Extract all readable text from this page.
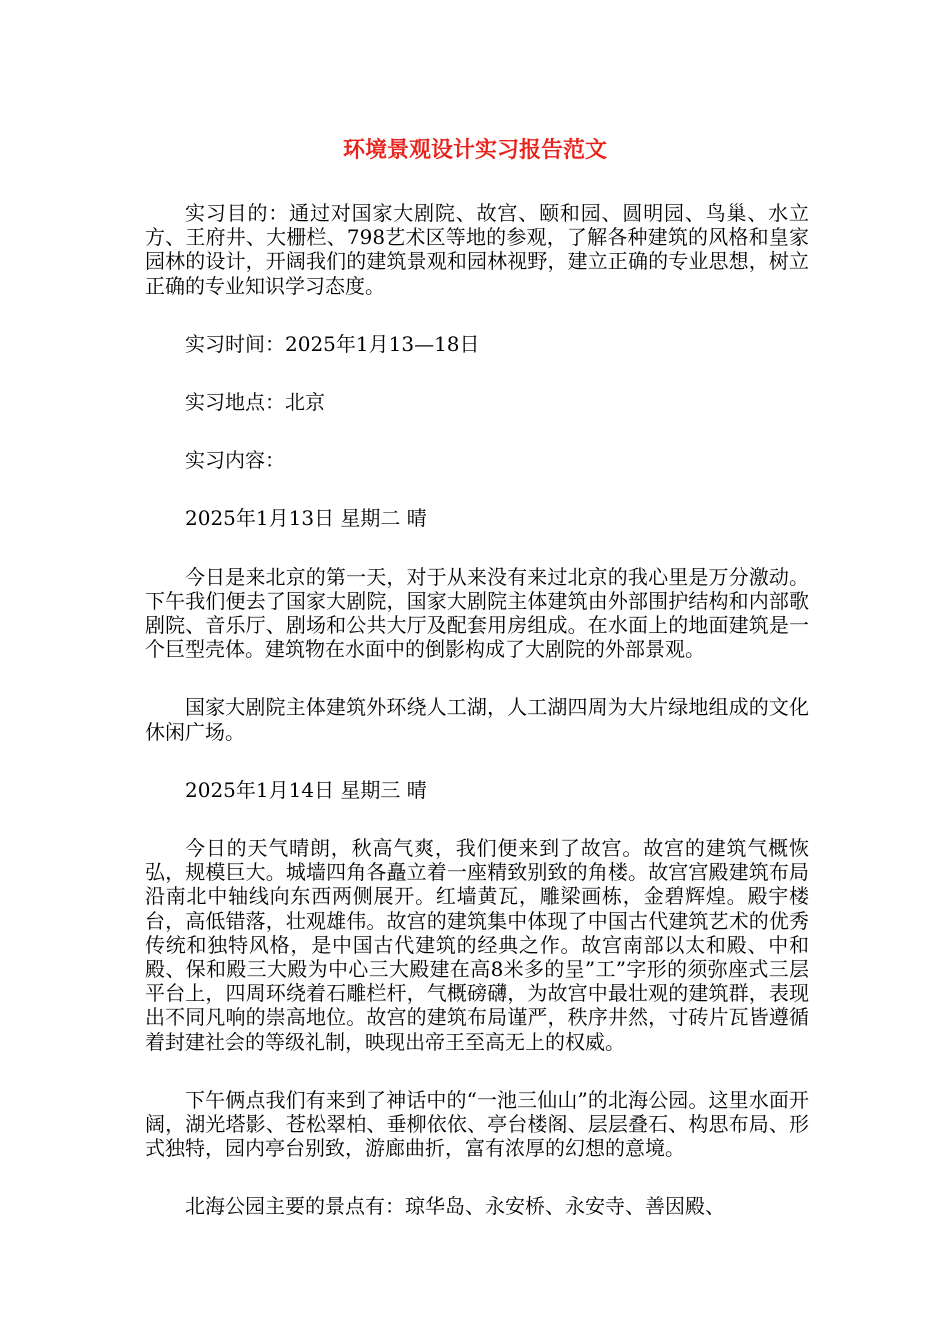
环境景观设计实习报告范文

实习目的：通过对国家大剧院、故宫、颐和园、圆明园、鸟巢、水立方、王府井、大栅栏、798艺术区等地的参观，了解各种建筑的风格和皇家园林的设计，开阔我们的建筑景观和园林视野，建立正确的专业思想，树立正确的专业知识学习态度。

实习时间：2025年1月13—18日

实习地点：北京

实习内容：

2025年1月13日 星期二 晴

今日是来北京的第一天，对于从来没有来过北京的我心里是万分激动。下午我们便去了国家大剧院，国家大剧院主体建筑由外部围护结构和内部歌剧院、音乐厅、剧场和公共大厅及配套用房组成。在水面上的地面建筑是一个巨型壳体。建筑物在水面中的倒影构成了大剧院的外部景观。

国家大剧院主体建筑外环绕人工湖，人工湖四周为大片绿地组成的文化休闲广场。

2025年1月14日 星期三 晴

今日的天气晴朗，秋高气爽，我们便来到了故宫。故宫的建筑气概恢弘，规模巨大。城墙四角各矗立着一座精致别致的角楼。故宫宫殿建筑布局沿南北中轴线向东西两侧展开。红墙黄瓦，雕梁画栋，金碧辉煌。殿宇楼台，高低错落，壮观雄伟。故宫的建筑集中体现了中国古代建筑艺术的优秀传统和独特风格，是中国古代建筑的经典之作。故宫南部以太和殿、中和殿、保和殿三大殿为中心三大殿建在高8米多的呈”工”字形的须弥座式三层平台上，四周环绕着石雕栏杆，气概磅礴，为故宫中最壮观的建筑群，表现出不同凡响的崇高地位。故宫的建筑布局谨严，秩序井然，寸砖片瓦皆遵循着封建社会的等级礼制，映现出帝王至高无上的权威。

下午俩点我们有来到了神话中的“一池三仙山”的北海公园。这里水面开阔，湖光塔影、苍松翠柏、垂柳依依、亭台楼阁、层层叠石、构思布局、形式独特，园内亭台别致，游廊曲折，富有浓厚的幻想的意境。

北海公园主要的景点有：琼华岛、永安桥、永安寺、善因殿、
